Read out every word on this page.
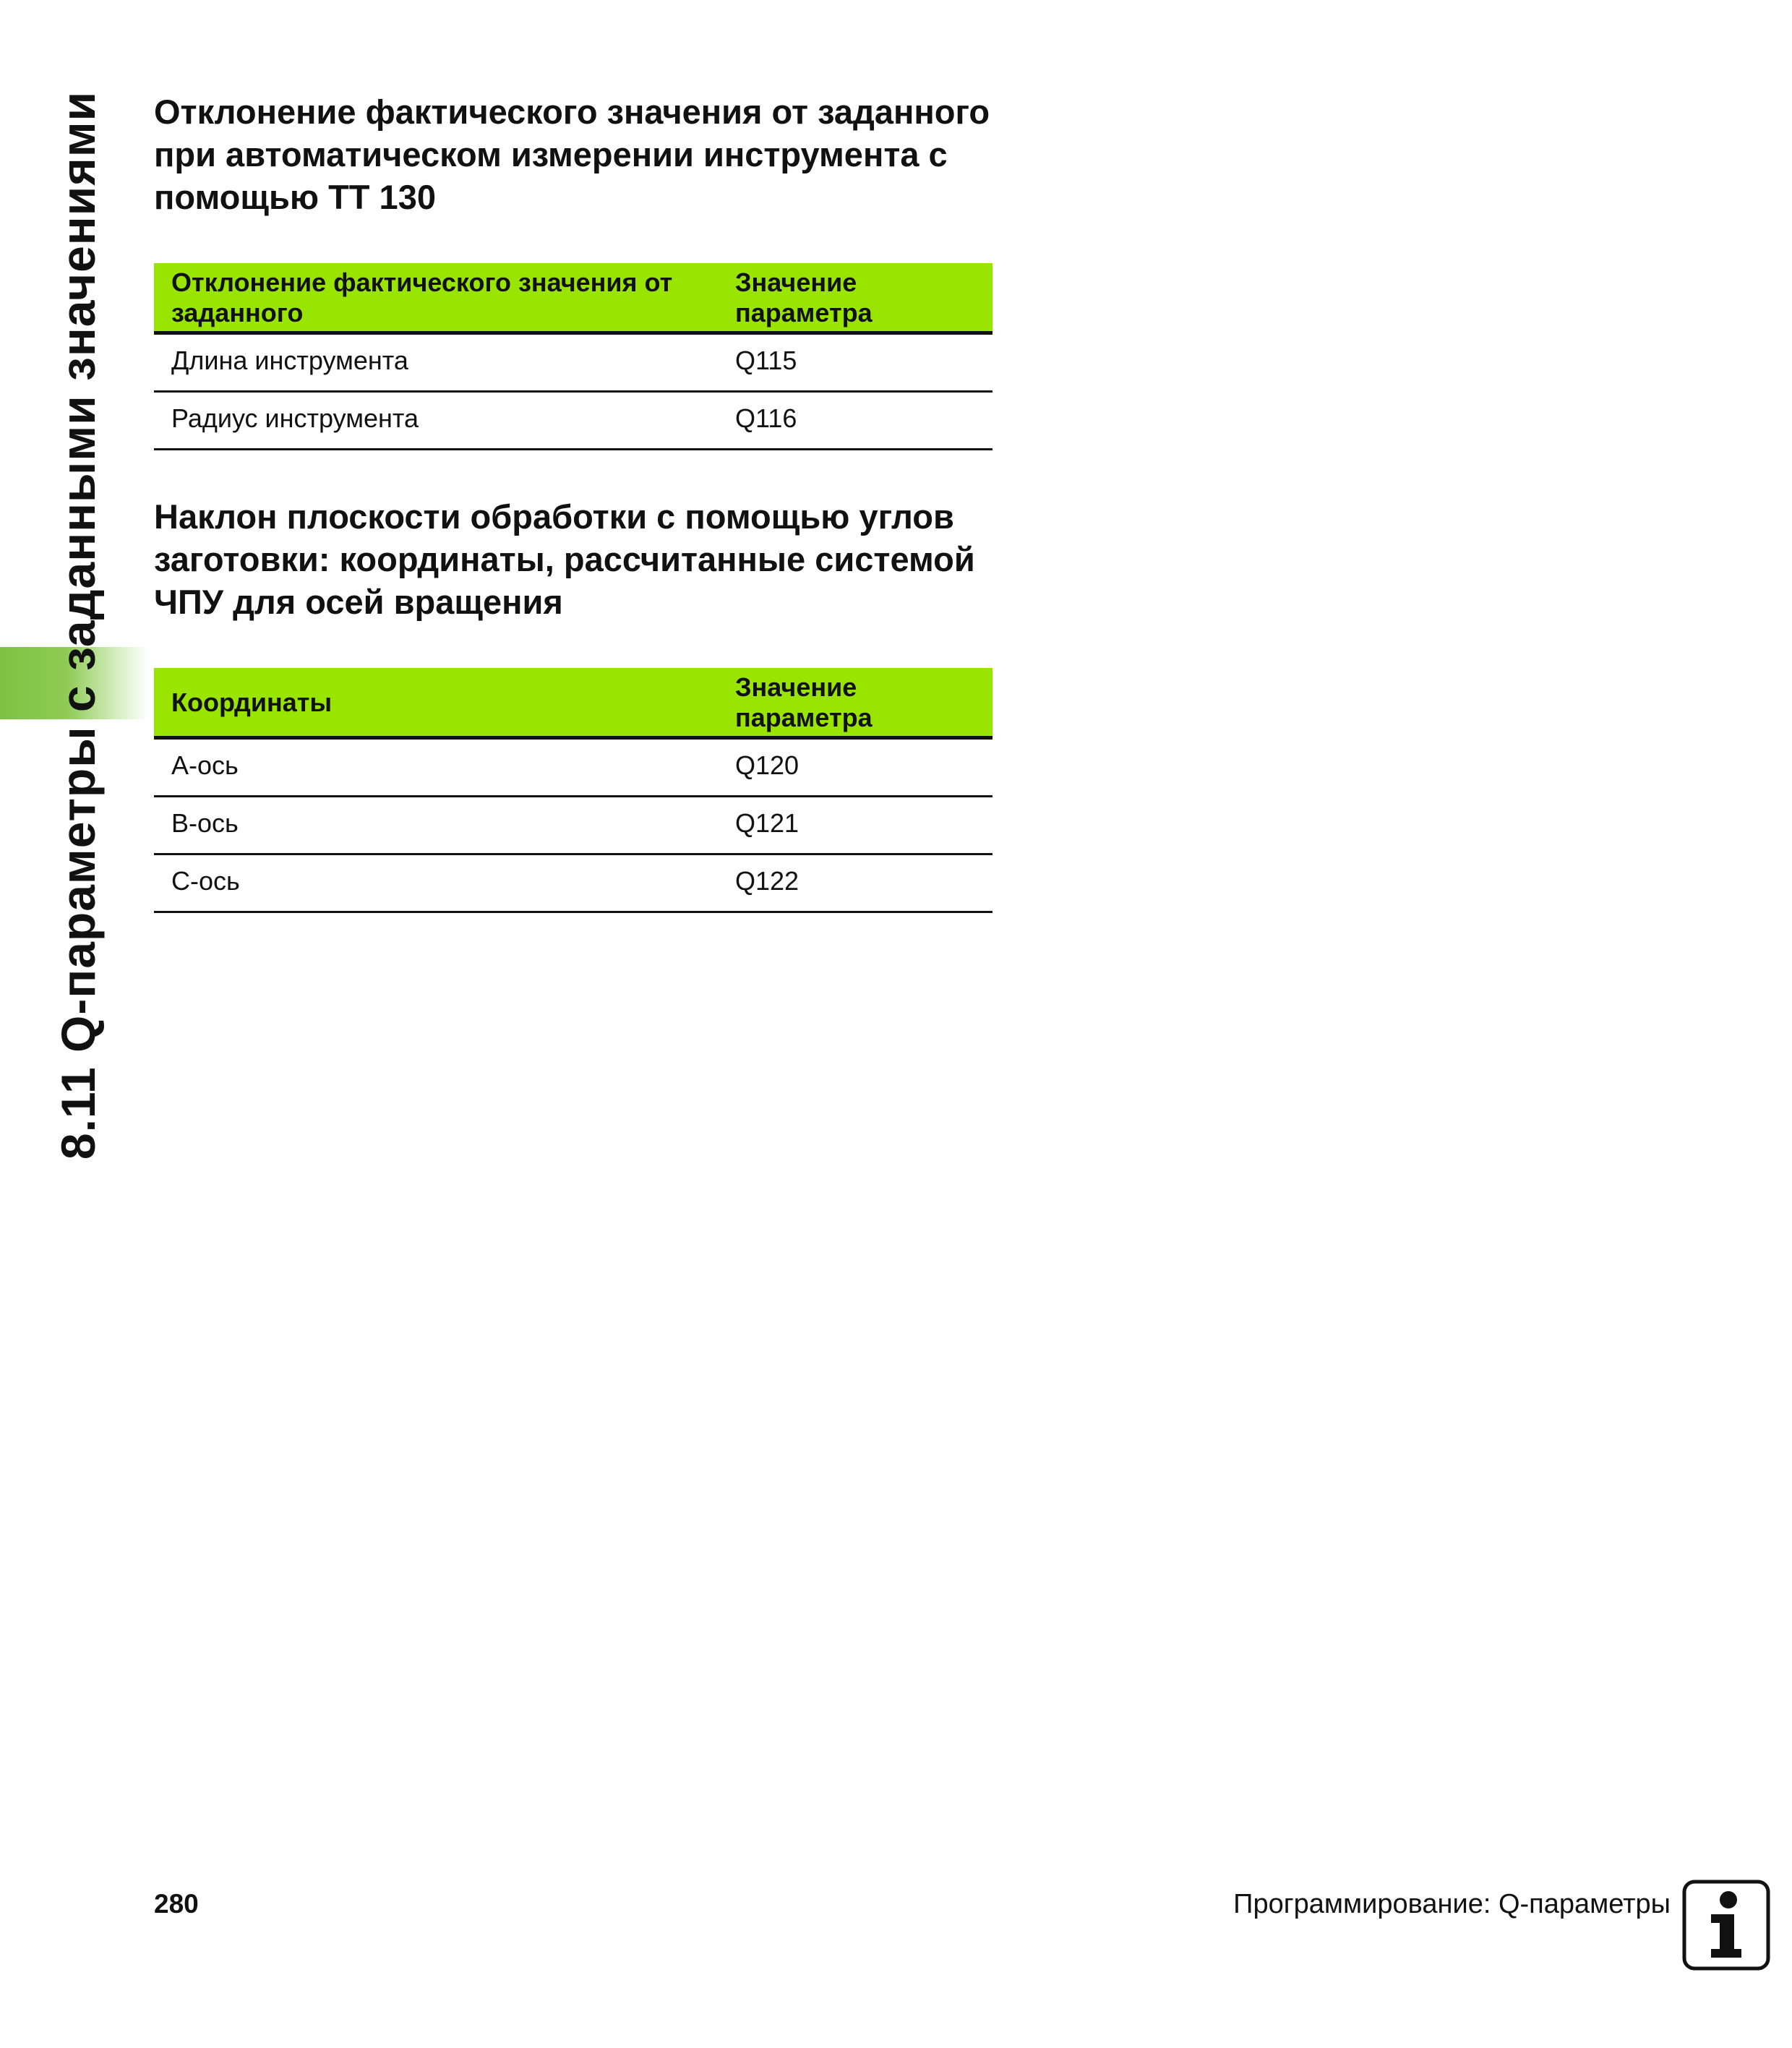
8.11 Q-параметры с заданными значениями Отклонение фактического значения от заданного при автоматическом измерении инструмента с помощью TT 130
Отклонение фактического значения от заданного	Значение параметра
Длина инструмента	Q115
Радиус инструмента	Q116
Наклон плоскости обработки с помощью углов заготовки: координаты, рассчитанные системой ЧПУ для осей вращения
Координаты	Значение параметра
A-ось	Q120
B-ось	Q121
C-ось	Q122
280	Программирование: Q-параметры
